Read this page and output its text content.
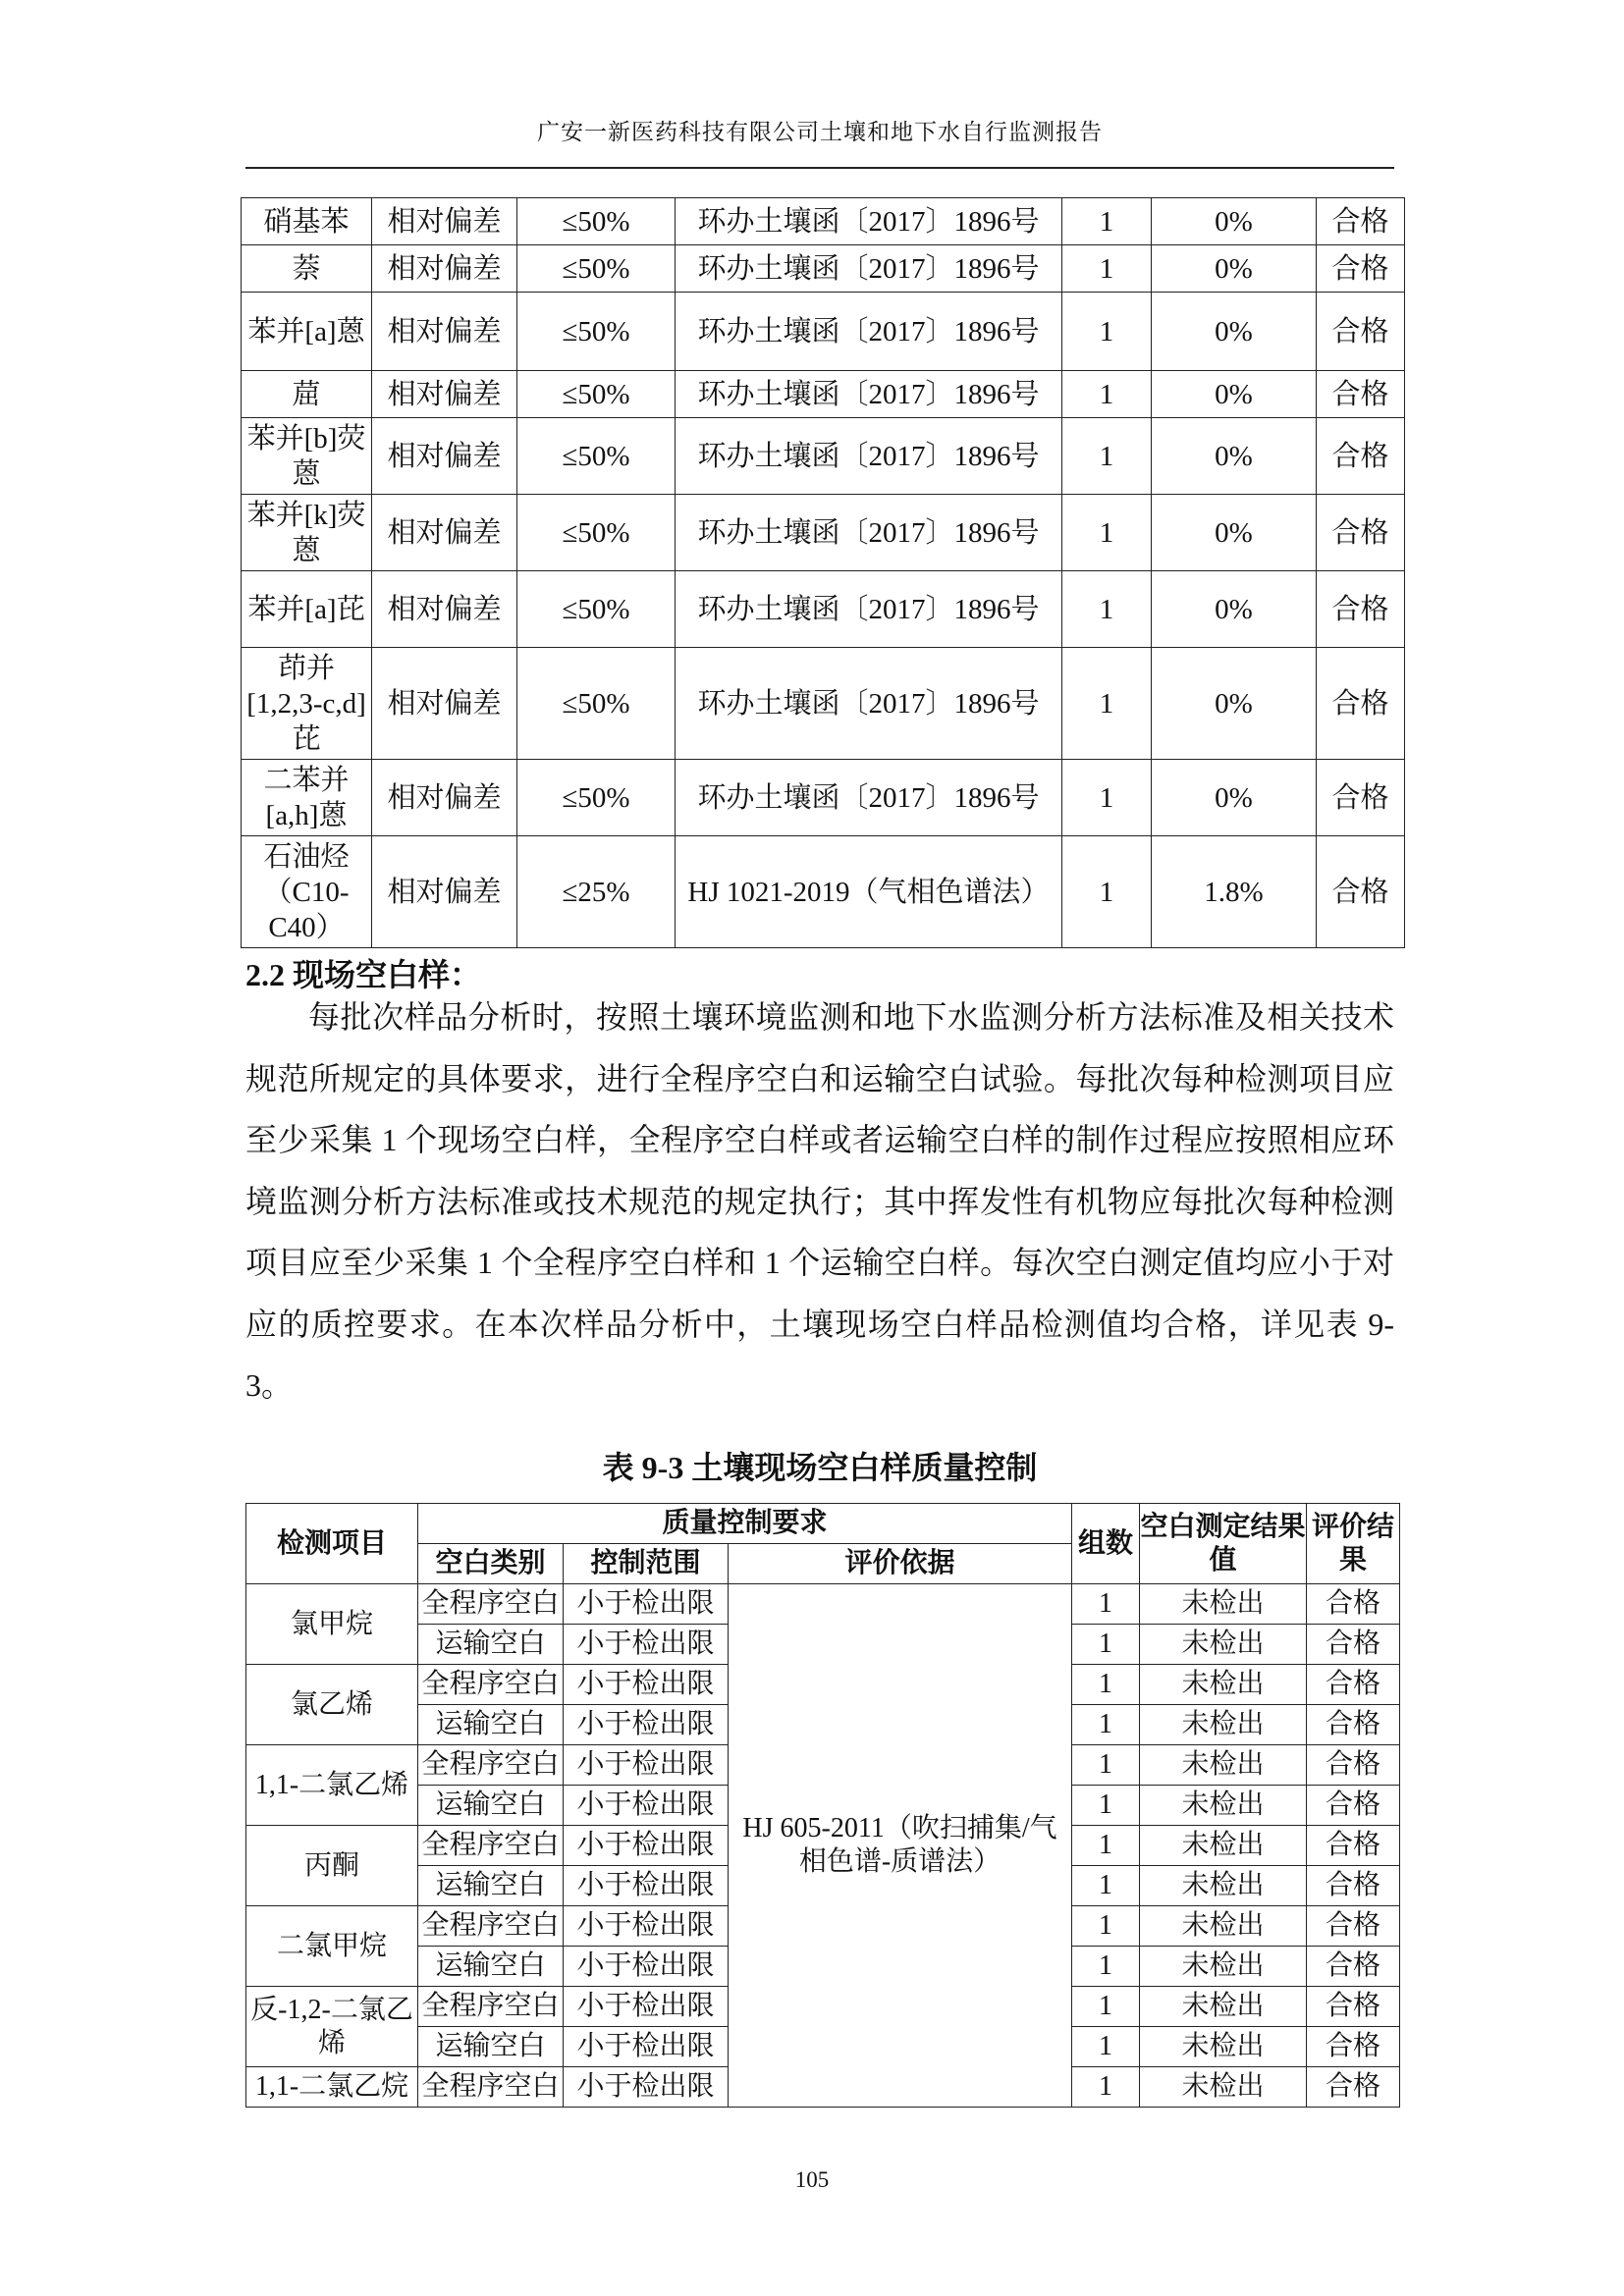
广安一新医药科技有限公司土壤和地下水自行监测报告
硝基苯	相对偏差	≤50%	环办土壤函〔2017〕1896号	1	0%	合格
萘	相对偏差	≤50%	环办土壤函〔2017〕1896号	1	0%	合格
苯并[a]蒽	相对偏差	≤50%	环办土壤函〔2017〕1896号	1	0%	合格
䓛	相对偏差	≤50%	环办土壤函〔2017〕1896号	1	0%	合格
苯并[b]荧蒽	相对偏差	≤50%	环办土壤函〔2017〕1896号	1	0%	合格
苯并[k]荧蒽	相对偏差	≤50%	环办土壤函〔2017〕1896号	1	0%	合格
苯并[a]芘	相对偏差	≤50%	环办土壤函〔2017〕1896号	1	0%	合格
茚并[1,2,3-c,d]芘	相对偏差	≤50%	环办土壤函〔2017〕1896号	1	0%	合格
二苯并[a,h]蒽	相对偏差	≤50%	环办土壤函〔2017〕1896号	1	0%	合格
石油烃（C10-C40）	相对偏差	≤25%	HJ 1021-2019（气相色谱法）	1	1.8%	合格
2.2 现场空白样：

每批次样品分析时，按照土壤环境监测和地下水监测分析方法标准及相关技术规范所规定的具体要求，进行全程序空白和运输空白试验。每批次每种检测项目应至少采集 1 个现场空白样，全程序空白样或者运输空白样的制作过程应按照相应环境监测分析方法标准或技术规范的规定执行；其中挥发性有机物应每批次每种检测项目应至少采集 1 个全程序空白样和 1 个运输空白样。每次空白测定值均应小于对应的质控要求。在本次样品分析中，土壤现场空白样品检测值均合格，详见表 9-3。

表 9-3 土壤现场空白样质量控制
检测项目	质量控制要求			组数	空白测定结果值	评价结果
	空白类别	控制范围	评价依据			
氯甲烷	全程序空白	小于检出限	HJ 605-2011（吹扫捕集/气相色谱-质谱法）	1	未检出	合格
	运输空白	小于检出限		1	未检出	合格
氯乙烯	全程序空白	小于检出限		1	未检出	合格
	运输空白	小于检出限		1	未检出	合格
1,1-二氯乙烯	全程序空白	小于检出限		1	未检出	合格
	运输空白	小于检出限		1	未检出	合格
丙酮	全程序空白	小于检出限		1	未检出	合格
	运输空白	小于检出限		1	未检出	合格
二氯甲烷	全程序空白	小于检出限		1	未检出	合格
	运输空白	小于检出限		1	未检出	合格
反-1,2-二氯乙烯	全程序空白	小于检出限		1	未检出	合格
	运输空白	小于检出限		1	未检出	合格
1,1-二氯乙烷	全程序空白	小于检出限		1	未检出	合格
105
